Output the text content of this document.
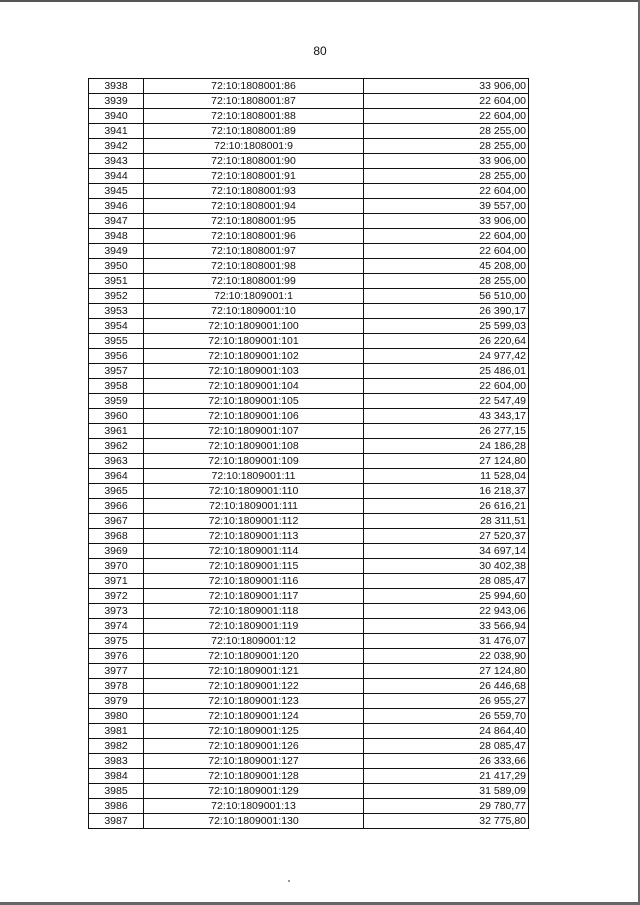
80
3938	72:10:1808001:86	33 906,00
3939	72:10:1808001:87	22 604,00
3940	72:10:1808001:88	22 604,00
3941	72:10:1808001:89	28 255,00
3942	72:10:1808001:9	28 255,00
3943	72:10:1808001:90	33 906,00
3944	72:10:1808001:91	28 255,00
3945	72:10:1808001:93	22 604,00
3946	72:10:1808001:94	39 557,00
3947	72:10:1808001:95	33 906,00
3948	72:10:1808001:96	22 604,00
3949	72:10:1808001:97	22 604,00
3950	72:10:1808001:98	45 208,00
3951	72:10:1808001:99	28 255,00
3952	72:10:1809001:1	56 510,00
3953	72:10:1809001:10	26 390,17
3954	72:10:1809001:100	25 599,03
3955	72:10:1809001:101	26 220,64
3956	72:10:1809001:102	24 977,42
3957	72:10:1809001:103	25 486,01
3958	72:10:1809001:104	22 604,00
3959	72:10:1809001:105	22 547,49
3960	72:10:1809001:106	43 343,17
3961	72:10:1809001:107	26 277,15
3962	72:10:1809001:108	24 186,28
3963	72:10:1809001:109	27 124,80
3964	72:10:1809001:11	11 528,04
3965	72:10:1809001:110	16 218,37
3966	72:10:1809001:111	26 616,21
3967	72:10:1809001:112	28 311,51
3968	72:10:1809001:113	27 520,37
3969	72:10:1809001:114	34 697,14
3970	72:10:1809001:115	30 402,38
3971	72:10:1809001:116	28 085,47
3972	72:10:1809001:117	25 994,60
3973	72:10:1809001:118	22 943,06
3974	72:10:1809001:119	33 566,94
3975	72:10:1809001:12	31 476,07
3976	72:10:1809001:120	22 038,90
3977	72:10:1809001:121	27 124,80
3978	72:10:1809001:122	26 446,68
3979	72:10:1809001:123	26 955,27
3980	72:10:1809001:124	26 559,70
3981	72:10:1809001:125	24 864,40
3982	72:10:1809001:126	28 085,47
3983	72:10:1809001:127	26 333,66
3984	72:10:1809001:128	21 417,29
3985	72:10:1809001:129	31 589,09
3986	72:10:1809001:13	29 780,77
3987	72:10:1809001:130	32 775,80
